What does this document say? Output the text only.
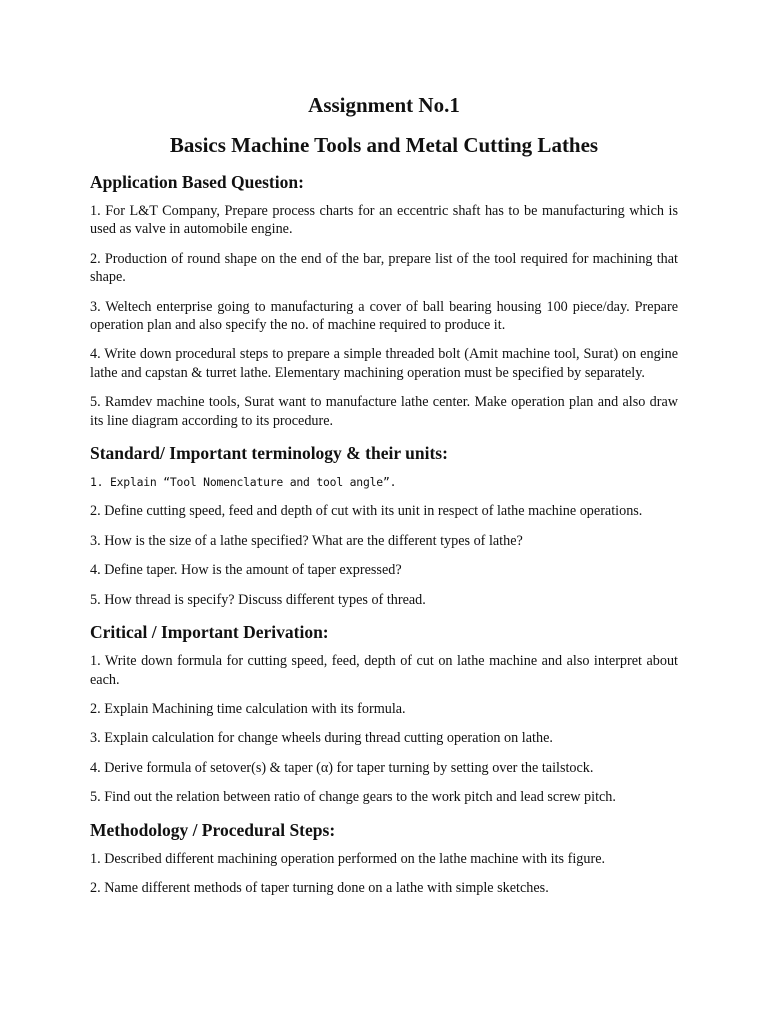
Assignment No.1
Basics Machine Tools and Metal Cutting Lathes
Application Based Question:

1. For L&T Company, Prepare process charts for an eccentric shaft has to be manufacturing which is used as valve in automobile engine.

2. Production of round shape on the end of the bar, prepare list of the tool required for machining that shape.

3. Weltech enterprise going to manufacturing a cover of ball bearing housing 100 piece/day. Prepare operation plan and also specify the no. of machine required to produce it.

4. Write down procedural steps to prepare a simple threaded bolt (Amit machine tool, Surat) on engine lathe and capstan & turret lathe. Elementary machining operation must be specified by separately.

5. Ramdev machine tools, Surat want to manufacture lathe center. Make operation plan and also draw its line diagram according to its procedure.

Standard/ Important terminology & their units:

1. Explain “Tool Nomenclature and tool angle”.

2. Define cutting speed, feed and depth of cut with its unit in respect of lathe machine operations.

3. How is the size of a lathe specified? What are the different types of lathe?

4. Define taper. How is the amount of taper expressed?

5. How thread is specify? Discuss different types of thread.

Critical / Important Derivation:

1. Write down formula for cutting speed, feed, depth of cut on lathe machine and also interpret about each.

2. Explain Machining time calculation with its formula.

3. Explain calculation for change wheels during thread cutting operation on lathe.

4. Derive formula of setover(s) & taper (α) for taper turning by setting over the tailstock.

5. Find out the relation between ratio of change gears to the work pitch and lead screw pitch.

Methodology / Procedural Steps:

1. Described different machining operation performed on the lathe machine with its figure.

2. Name different methods of taper turning done on a lathe with simple sketches.
